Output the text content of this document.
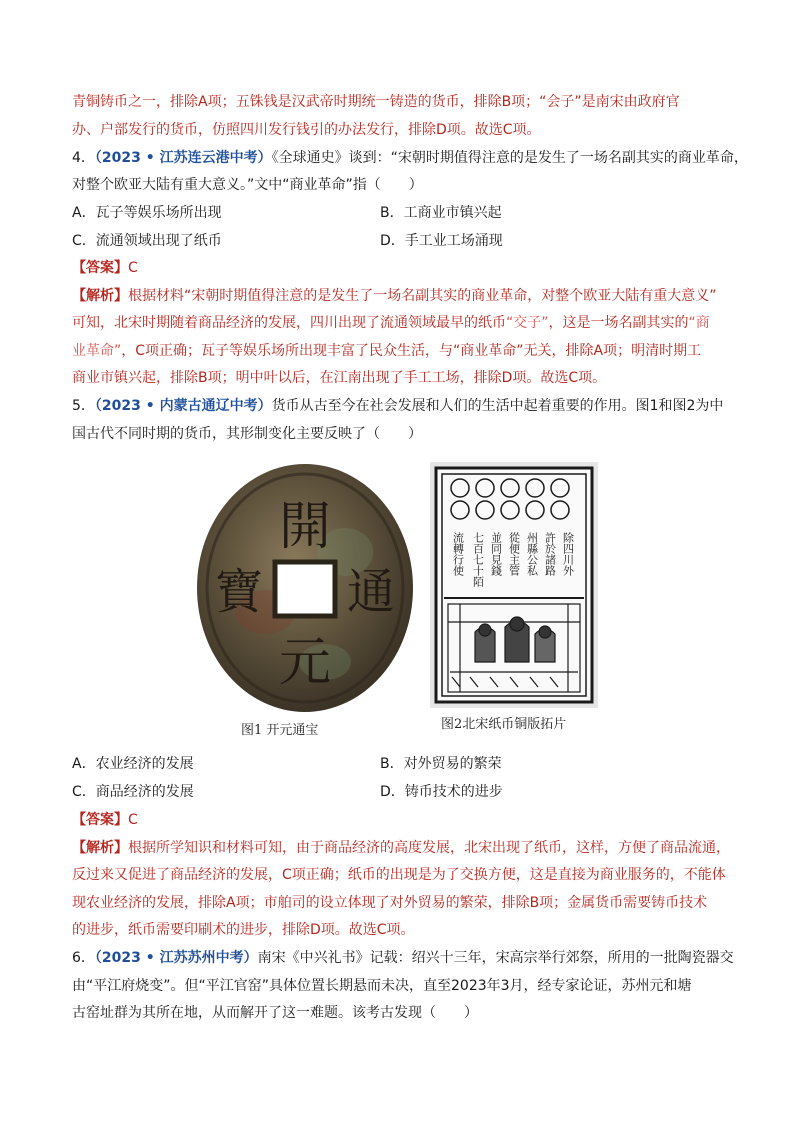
青铜铸币之一，排除A项；五铢钱是汉武帝时期统一铸造的货币，排除B项；“会子”是南宋由政府官
办、户部发行的货币，仿照四川发行钱引的办法发行，排除D项。故选C项。
4．（2023 • 江苏连云港中考）《全球通史》谈到：“宋朝时期值得注意的是发生了一场名副其实的商业革命，
对整个欧亚大陆有重大意义。”文中“商业革命”指（　　）
A．瓦子等娱乐场所出现	B．工商业市镇兴起
C．流通领域出现了纸币	D．手工业工场涌现
【答案】C
【解析】根据材料“宋朝时期值得注意的是发生了一场名副其实的商业革命，对整个欧亚大陆有重大意义”
可知，北宋时期随着商品经济的发展，四川出现了流通领域最早的纸币“交子”，这是一场名副其实的“商
业革命”，C项正确；瓦子等娱乐场所出现丰富了民众生活，与“商业革命”无关，排除A项；明清时期工
商业市镇兴起，排除B项；明中叶以后，在江南出现了手工工场，排除D项。故选C项。
5．（2023 • 内蒙古通辽中考）货币从古至今在社会发展和人们的生活中起着重要的作用。图1和图2为中
国古代不同时期的货币，其形制变化主要反映了（　　）
開
元
寶 通
图1 开元通宝
除四川外
許於諸路
州縣公私
從便主管
並同見錢
七百七十陌
流轉行使
图2北宋纸币铜版拓片
A．农业经济的发展	B．对外贸易的繁荣
C．商品经济的发展	D．铸币技术的进步
【答案】C
【解析】根据所学知识和材料可知，由于商品经济的高度发展，北宋出现了纸币，这样，方便了商品流通，
反过来又促进了商品经济的发展，C项正确；纸币的出现是为了交换方便，这是直接为商业服务的，不能体
现农业经济的发展，排除A项；市舶司的设立体现了对外贸易的繁荣，排除B项；金属货币需要铸币技术
的进步，纸币需要印刷术的进步，排除D项。故选C项。
6．（2023 • 江苏苏州中考）南宋《中兴礼书》记载：绍兴十三年，宋高宗举行郊祭，所用的一批陶瓷器交
由“平江府烧变”。但“平江官窑”具体位置长期悬而未决，直至2023年3月，经专家论证，苏州元和塘
古窑址群为其所在地，从而解开了这一难题。该考古发现（　　）
